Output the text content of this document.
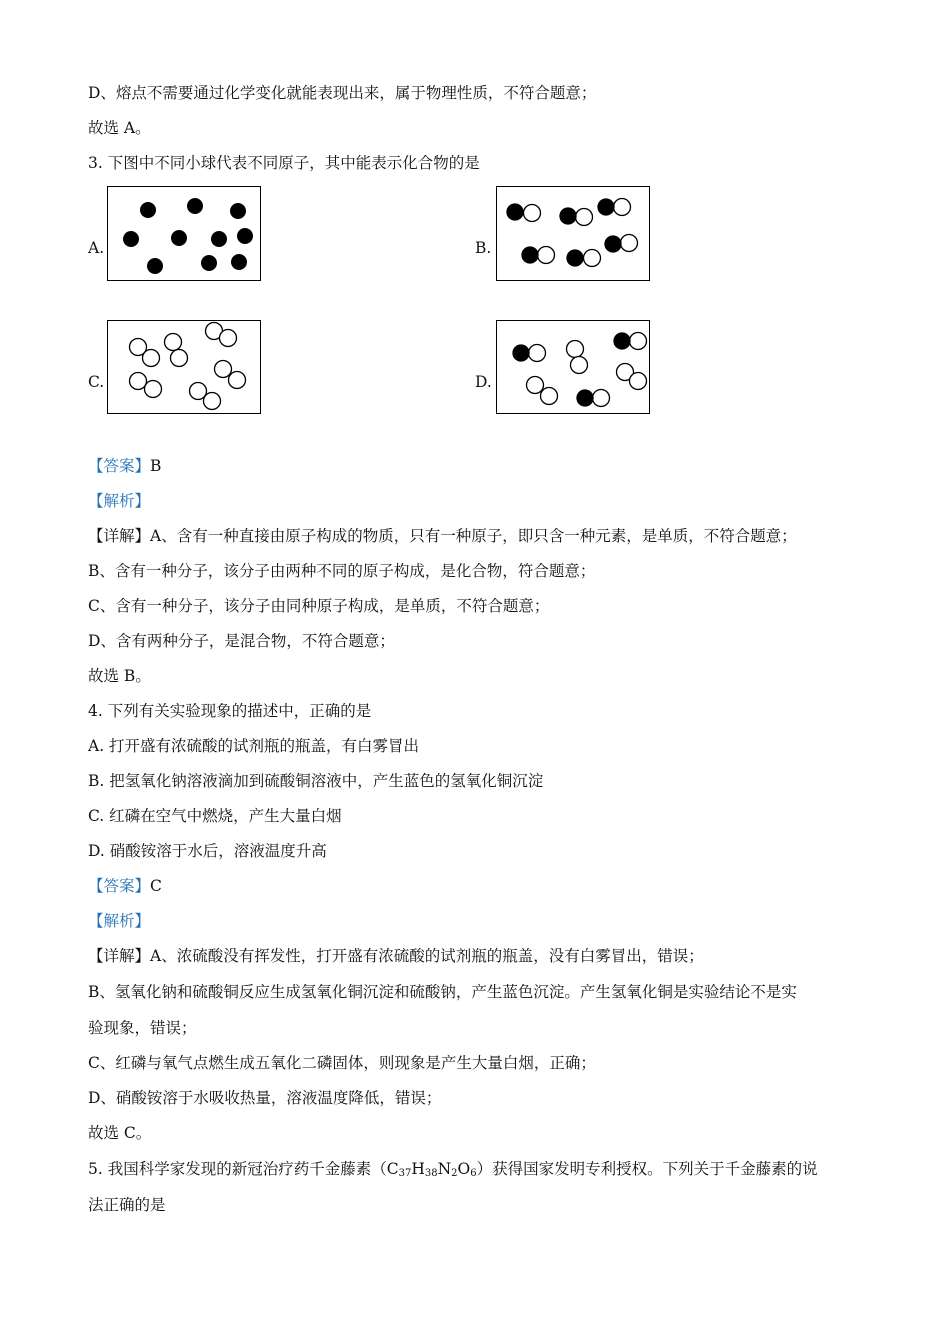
D、熔点不需要通过化学变化就能表现出来，属于物理性质，不符合题意；
故选 A。
3. 下图中不同小球代表不同原子，其中能表示化合物的是
A.	B.
C.	D.
【答案】B
【解析】
【详解】A、含有一种直接由原子构成的物质，只有一种原子，即只含一种元素，是单质，不符合题意；
B、含有一种分子，该分子由两种不同的原子构成，是化合物，符合题意；
C、含有一种分子，该分子由同种原子构成，是单质，不符合题意；
D、含有两种分子，是混合物，不符合题意；
故选 B。
4. 下列有关实验现象的描述中，正确的是
A. 打开盛有浓硫酸的试剂瓶的瓶盖，有白雾冒出
B. 把氢氧化钠溶液滴加到硫酸铜溶液中，产生蓝色的氢氧化铜沉淀
C. 红磷在空气中燃烧，产生大量白烟
D. 硝酸铵溶于水后，溶液温度升高
【答案】C
【解析】
【详解】A、浓硫酸没有挥发性，打开盛有浓硫酸的试剂瓶的瓶盖，没有白雾冒出，错误；
B、氢氧化钠和硫酸铜反应生成氢氧化铜沉淀和硫酸钠，产生蓝色沉淀。产生氢氧化铜是实验结论不是实
验现象，错误；
C、红磷与氧气点燃生成五氧化二磷固体，则现象是产生大量白烟，正确；
D、硝酸铵溶于水吸收热量，溶液温度降低，错误；
故选 C。
5. 我国科学家发现的新冠治疗药千金藤素$(C_{37}H_{38}N_2O_6)$获得国家发明专利授权。下列关于千金藤素的说
法正确的是
